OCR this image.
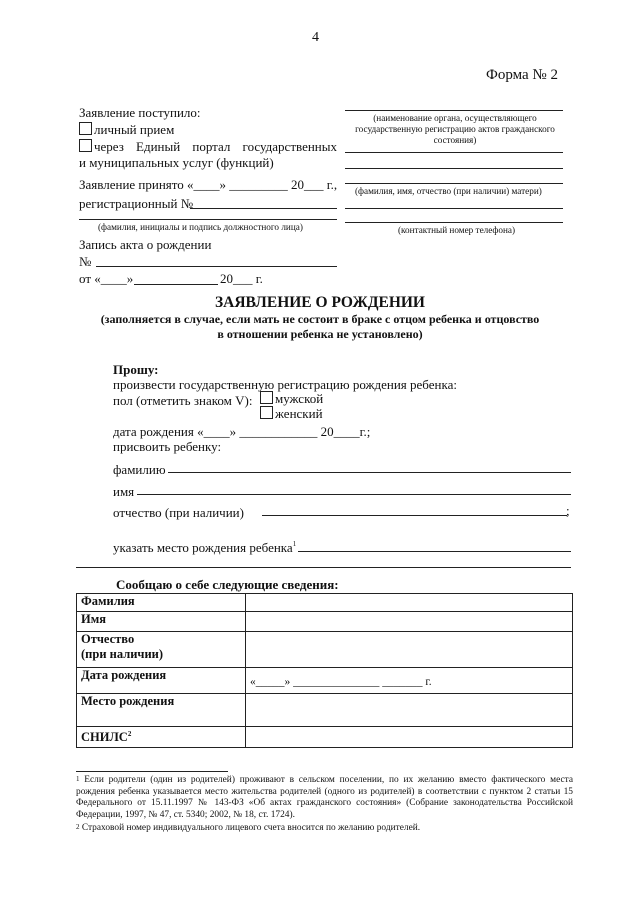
4
Форма № 2
Заявление поступило:
личный прием
через Единый портал государственных
и муниципальных услуг (функций)
Заявление принято «____» _________ 20___ г.,
регистрационный №
(фамилия, инициалы и подпись должностного лица)
Запись акта о рождении
№
от «____»	20___ г.
(наименование органа, осуществляющего государственную регистрацию актов гражданского состояния)
(фамилия, имя, отчество (при наличии) матери)
(контактный номер телефона)
ЗАЯВЛЕНИЕ О РОЖДЕНИИ
(заполняется в случае, если мать не состоит в браке с отцом ребенка и отцовство
в отношении ребенка не установлено)
Прошу:
произвести государственную регистрацию рождения ребенка:
пол (отметить знаком V):	мужской
женский
дата рождения «____» ____________ 20____г.;
присвоить ребенку:
фамилию
имя
отчество (при наличии)	;
указать место рождения ребенка$^1$
Сообщаю о себе следующие сведения:
Фамилия	
Имя	

Отчество
(при наличии)	

Дата рождения	«_____» _______________ _______ г.
Место рождения	
СНИЛС$^2$	
$^1$ Если родители (один из родителей) проживают в сельском поселении, по их желанию вместо фактического места рождения ребенка указывается место жительства родителей (одного из родителей) в соответствии с пунктом 2 статьи 15 Федерального от 15.11.1997 № 143-ФЗ «Об актах гражданского состояния» (Собрание законодательства Российской Федерации, 1997, № 47, ст. 5340; 2002, № 18, ст. 1724).
$^2$ Страховой номер индивидуального лицевого счета вносится по желанию родителей.
